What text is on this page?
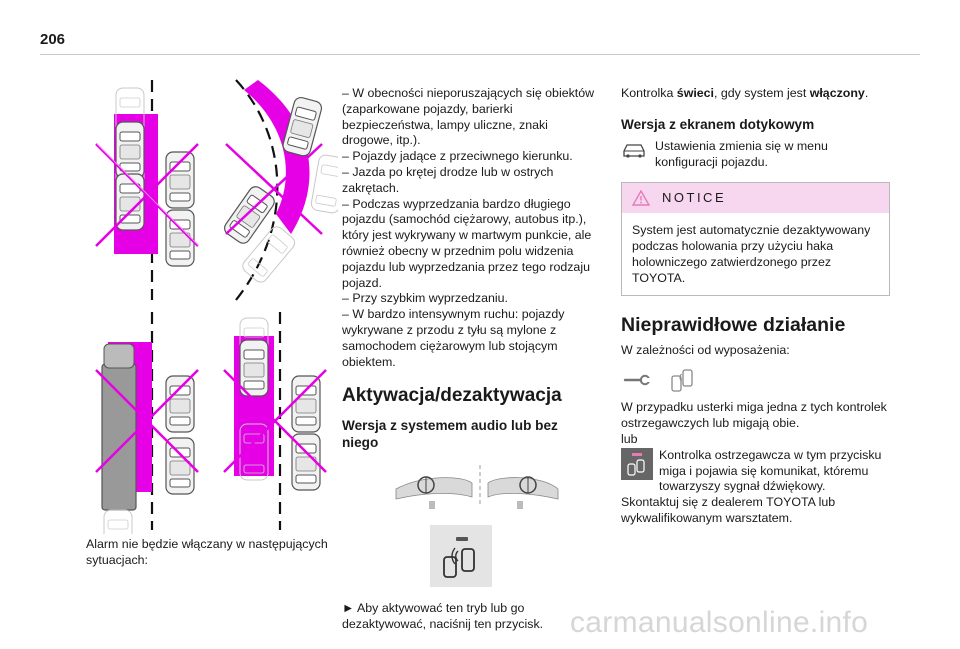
206
Alarm nie będzie włączany w następujących sytuacjach:
– W obecności nieporuszających się obiektów (zaparkowane pojazdy, barierki bezpieczeństwa, lampy uliczne, znaki drogowe, itp.).
– Pojazdy jadące z przeciwnego kierunku.
– Jazda po krętej drodze lub w ostrych zakrętach.
– Podczas wyprzedzania bardzo długiego pojazdu (samochód ciężarowy, autobus itp.), który jest wykrywany w martwym punkcie, ale również obecny w przednim polu widzenia pojazdu lub wyprzedzania przez tego rodzaju pojazd.
– Przy szybkim wyprzedzaniu.
– W bardzo intensywnym ruchu: pojazdy wykrywane z przodu z tyłu są mylone z samochodem ciężarowym lub stojącym obiektem.
Aktywacja/dezaktywacja
Wersja z systemem audio lub bez niego

► Aby aktywować ten tryb lub go dezaktywować, naciśnij ten przycisk.

Kontrolka świeci, gdy system jest włączony.

Wersja z ekranem dotykowym
Ustawienia zmienia się w menu konfiguracji pojazdu.
NOTICE
System jest automatycznie dezaktywowany podczas holowania przy użyciu haka holowniczego zatwierdzonego przez TOYOTA.
Nieprawidłowe działanie

W zależności od wyposażenia:

W przypadku usterki miga jedna z tych kontrolek ostrzegawczych lub migają obie.

lub

Kontrolka ostrzegawcza w tym przycisku miga i pojawia się komunikat, któremu towarzyszy sygnał dźwiękowy.

Skontaktuj się z dealerem TOYOTA lub wykwalifikowanym warsztatem.

carmanualsonline.info
